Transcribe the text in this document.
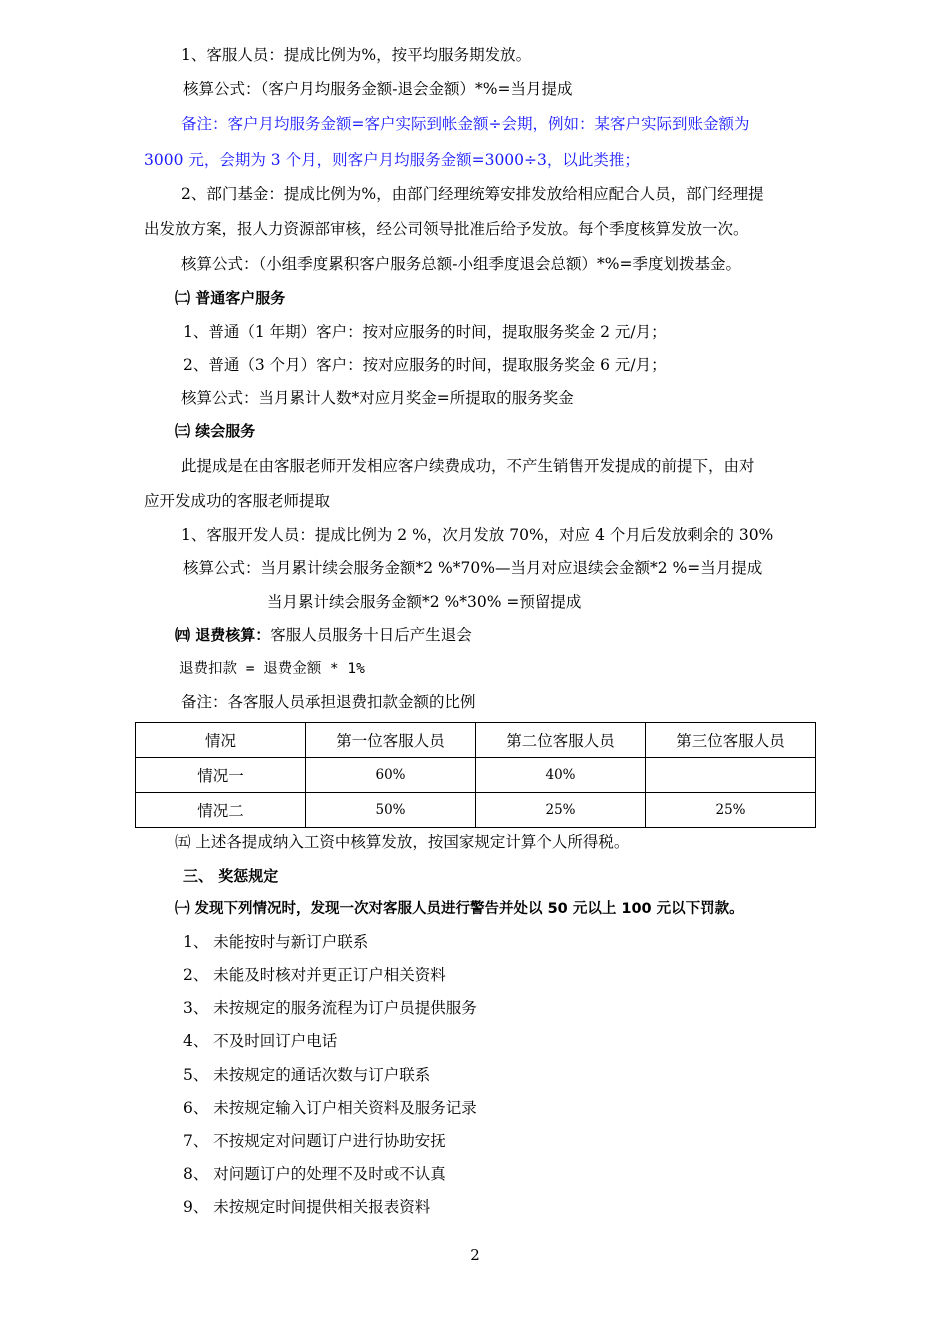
1、客服人员：提成比例为%，按平均服务期发放。
核算公式：（客户月均服务金额-退会金额）*%=当月提成
备注：客户月均服务金额=客户实际到帐金额÷会期，例如：某客户实际到账金额为
3000 元，会期为 3 个月，则客户月均服务金额=3000÷3，以此类推；
2、部门基金：提成比例为%，由部门经理统筹安排发放给相应配合人员，部门经理提
出发放方案，报人力资源部审核，经公司领导批准后给予发放。每个季度核算发放一次。
核算公式：（小组季度累积客户服务总额-小组季度退会总额）*%=季度划拨基金。
㈡ 普通客户服务
1、普通（1 年期）客户：按对应服务的时间，提取服务奖金 2 元/月；
2、普通（3 个月）客户：按对应服务的时间，提取服务奖金 6 元/月；
核算公式：当月累计人数*对应月奖金=所提取的服务奖金
㈢ 续会服务
此提成是在由客服老师开发相应客户续费成功，不产生销售开发提成的前提下，由对
应开发成功的客服老师提取
1、客服开发人员：提成比例为 2 %，次月发放 70%，对应 4 个月后发放剩余的 30%
核算公式：当月累计续会服务金额*2 %*70%—当月对应退续会金额*2 %=当月提成
当月累计续会服务金额*2 %*30% =预留提成
㈣ 退费核算：客服人员服务十日后产生退会
退费扣款 = 退费金额 * 1%
备注：各客服人员承担退费扣款金额的比例
情况	第一位客服人员	第二位客服人员	第三位客服人员
情况一	60%	40%	
情况二	50%	25%	25%
㈤ 上述各提成纳入工资中核算发放，按国家规定计算个人所得税。
三、 奖惩规定
㈠ 发现下列情况时，发现一次对客服人员进行警告并处以 50 元以上 100 元以下罚款。
1、 未能按时与新订户联系
2、 未能及时核对并更正订户相关资料
3、 未按规定的服务流程为订户员提供服务
4、 不及时回订户电话
5、 未按规定的通话次数与订户联系
6、 未按规定输入订户相关资料及服务记录
7、 不按规定对问题订户进行协助安抚
8、 对问题订户的处理不及时或不认真
9、 未按规定时间提供相关报表资料
2
